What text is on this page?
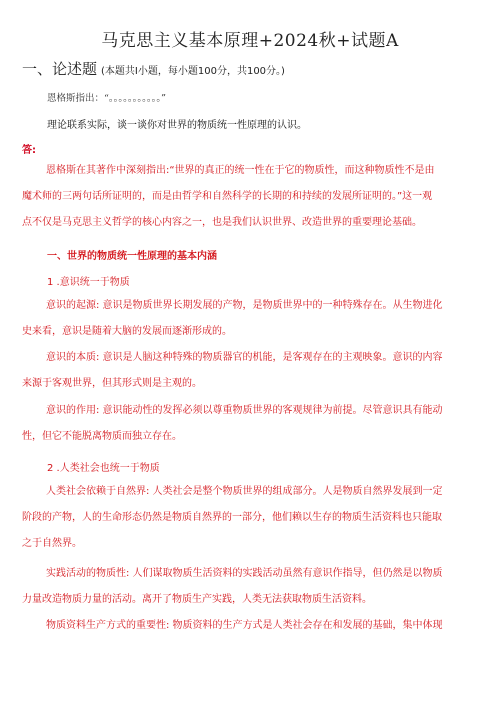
马克思主义基本原理+2024秋+试题A
一、论述题 (本题共I小题，每小题100分，共100分。)
恩格斯指出：“。。。。。。。。。。。”
理论联系实际，谈一谈你对世界的物质统一性原理的认识。
答:
恩格斯在其著作中深刻指出:“世界的真正的统一性在于它的物质性，而这种物质性不是由
魔术师的三两句话所证明的，而是由哲学和自然科学的长期的和持续的发展所证明的。”这一观
点不仅是马克思主义哲学的核心内容之一，也是我们认识世界、改造世界的重要理论基础。
一、世界的物质统一性原理的基本内涵
1 .意识统一于物质
意识的起源: 意识是物质世界长期发展的产物，是物质世界中的一种特殊存在。从生物进化
史来看，意识是随着大脑的发展而逐渐形成的。
意识的本质: 意识是人脑这种特殊的物质器官的机能，是客观存在的主观映象。意识的内容
来源于客观世界，但其形式则是主观的。
意识的作用: 意识能动性的发挥必须以尊重物质世界的客观规律为前提。尽管意识具有能动
性，但它不能脱离物质而独立存在。
2 .人类社会也统一于物质
人类社会依赖于自然界: 人类社会是整个物质世界的组成部分。人是物质自然界发展到一定
阶段的产物，人的生命形态仍然是物质自然界的一部分，他们赖以生存的物质生活资料也只能取
之于自然界。
实践活动的物质性: 人们谋取物质生活资料的实践活动虽然有意识作指导，但仍然是以物质
力量改造物质力量的活动。离开了物质生产实践，人类无法获取物质生活资料。
物质资料生产方式的重要性: 物质资料的生产方式是人类社会存在和发展的基础，集中体现
